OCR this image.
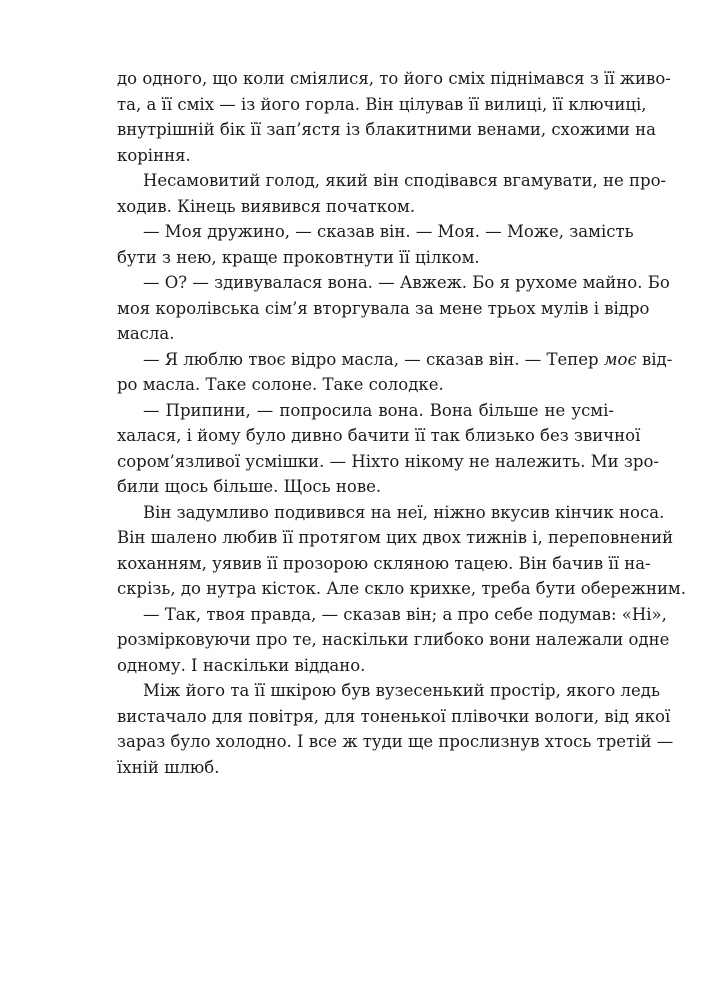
до одного, що коли сміялися, то його сміх піднімався з її живо-
та, а її сміх — із його горла. Він цілував її вилиці, її ключиці,
внутрішній бік її зап’ястя із блакитними венами, схожими на
коріння.

Несамовитий голод, який він сподівався вгамувати, не про-
ходив. Кінець виявився початком.

— Моя дружино, — сказав він. — Моя. — Може, замість
бути з нею, краще проковтнути її цілком.

— О? — здивувалася вона. — Авжеж. Бо я рухоме майно. Бо
моя королівська сім’я вторгувала за мене трьох мулів і відро
масла.

— Я люблю твоє відро масла, — сказав він. — Тепер моє від-
ро масла. Таке солоне. Таке солодке.

— Припини, — попросила вона. Вона більше не усмі-
халася, і йому було дивно бачити її так близько без звичної
сором’язливої усмішки. — Ніхто нікому не належить. Ми зро-
били щось більше. Щось нове.

Він задумливо подивився на неї, ніжно вкусив кінчик носа.
Він шалено любив її протягом цих двох тижнів і, переповнений
коханням, уявив її прозорою скляною тацею. Він бачив її на-
скрізь, до нутра кісток. Але скло крихке, треба бути обережним.

— Так, твоя правда, — сказав він; а про себе подумав: «Ні»,
розмірковуючи про те, наскільки глибоко вони належали одне
одному. І наскільки віддано.

Між його та її шкірою був вузесенький простір, якого ледь
вистачало для повітря, для тоненької плівочки вологи, від якої
зараз було холодно. І все ж туди ще прослизнув хтось третій —
їхній шлюб.
